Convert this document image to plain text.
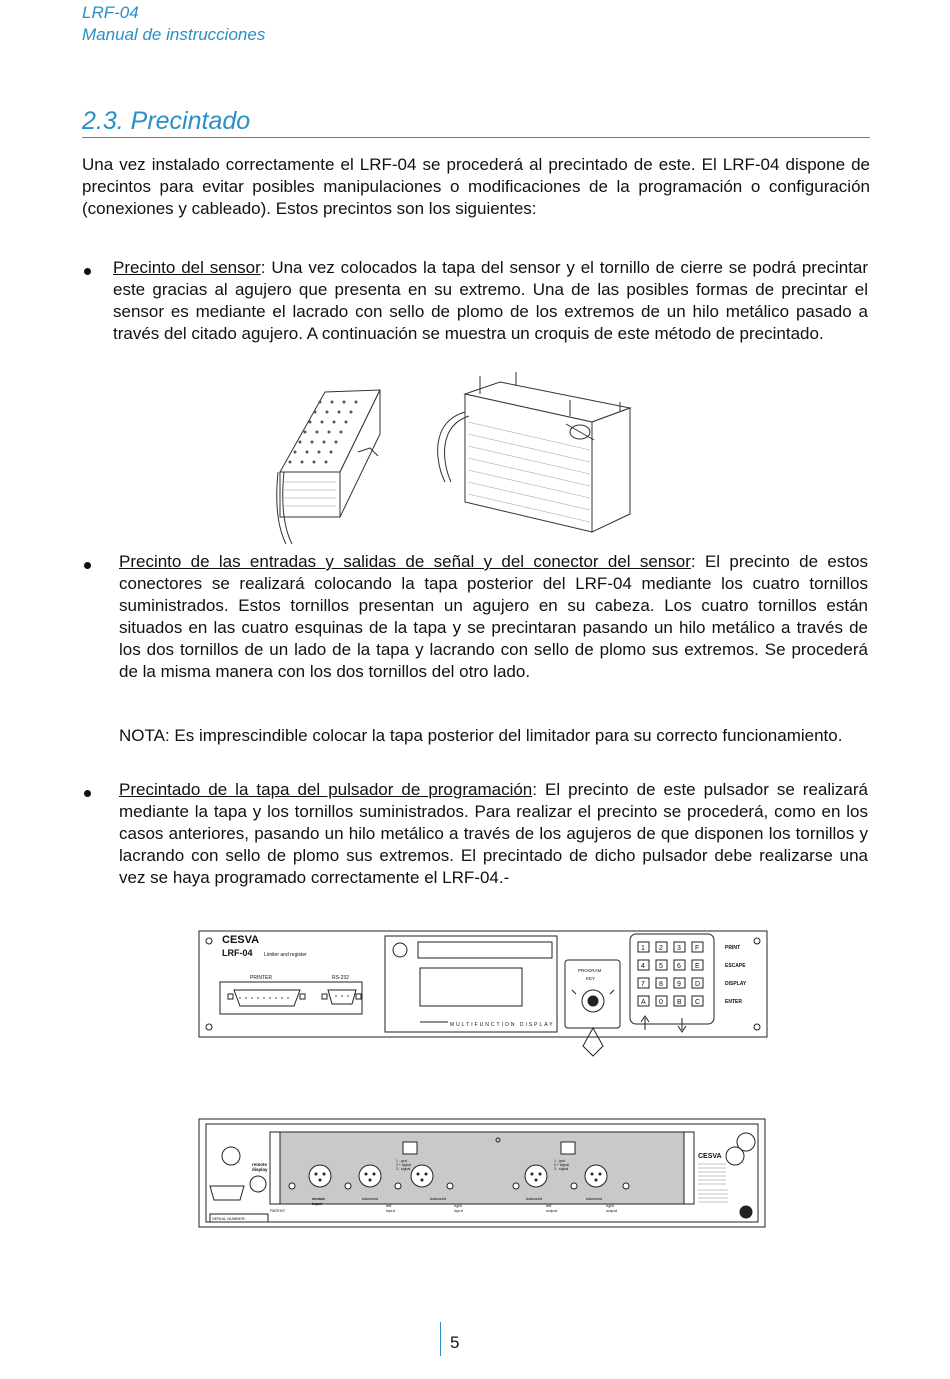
LRF-04
Manual de instrucciones
2.3. Precintado
Una vez instalado correctamente el LRF-04 se procederá al precintado de este. El LRF-04 dispone de precintos para evitar posibles manipulaciones o modificaciones de la programación o configuración (conexiones y cableado). Estos precintos son los siguientes:
Precinto del sensor: Una vez colocados la tapa del sensor y el tornillo de cierre se podrá precintar este gracias al agujero que presenta en su extremo. Una de las posibles formas de precintar el sensor es mediante el lacrado con sello de plomo de los extremos de un hilo metálico pasado a través del citado agujero. A continuación se muestra un croquis de este método de precintado.
Precinto de las entradas y salidas de señal y del conector del sensor: El precinto de estos conectores se realizará colocando la tapa posterior del LRF-04 mediante los cuatro tornillos suministrados. Estos tornillos presentan un agujero en su cabeza. Los cuatro tornillos están situados en las cuatro esquinas de la tapa y se precintaran pasando un hilo metálico a través de los dos tornillos de un lado de la tapa y lacrando con sello de plomo sus extremos. Se procederá de la misma manera con los dos tornillos del otro lado.
NOTA: Es imprescindible colocar la tapa posterior del limitador para su correcto funcionamiento.
Precintado de la tapa del pulsador de programación: El precinto de este pulsador se realizará mediante la tapa y los tornillos suministrados. Para realizar el precinto se procederá, como en los casos anteriores, pasando un hilo metálico a través de los agujeros de que disponen los tornillos y lacrando con sello de plomo sus extremos. El precintado de dicho pulsador debe realizarse una vez se haya programado correctamente el LRF-04.-
CESVA
LRF-04 Limiter and register
PRINTER	RS-232
MULTIFUNCTION DISPLAY
PROGRAM
KEY
1 2 3 F
4 5 6 E
7 8 9 D
A 0 B C
PRINT
ESCAPE
DISPLAY
ENTER
remote
display
PATENT
SERIAL NUMBER:
sensor
input
balanced	balanced	balanced	balanced
left
input
right
input
left
output
right
output
1 - gnd
2 + signal
3 - signal
1 - gnd
2 + signal
3 - signal
CESVA
5
